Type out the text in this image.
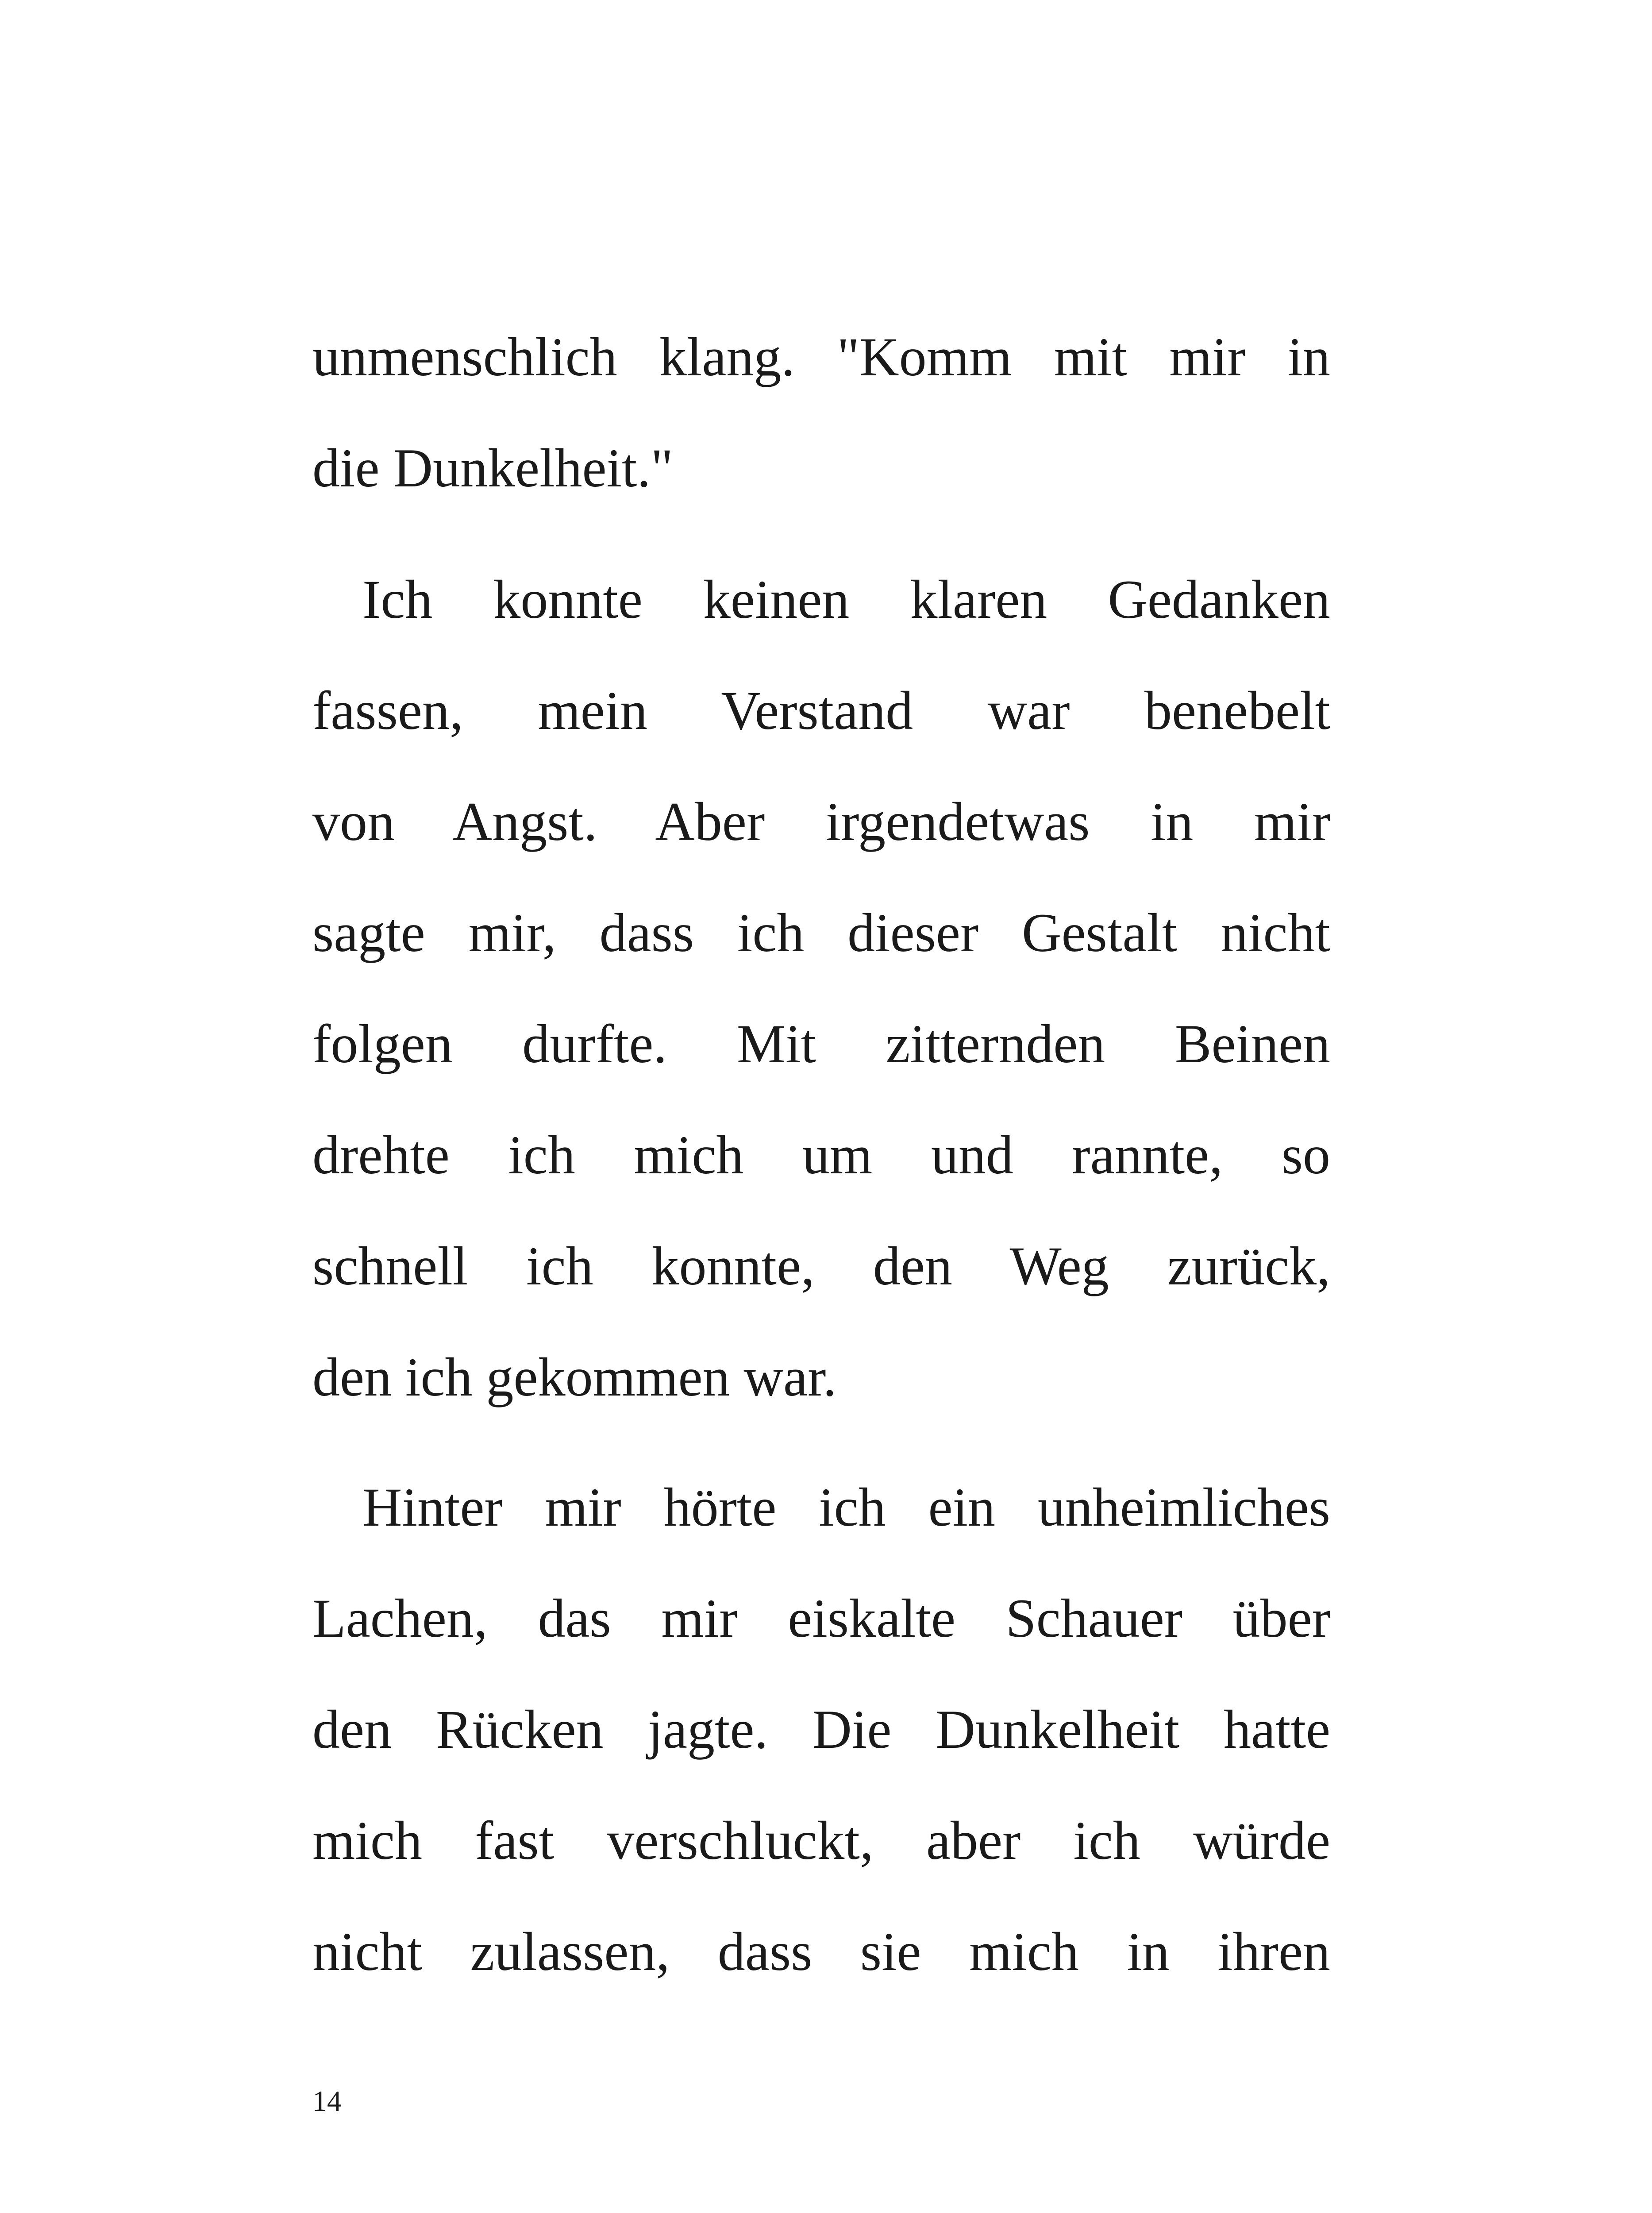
unmenschlich klang. "Komm mit mir in
die Dunkelheit."
Ich konnte keinen klaren Gedanken
fassen, mein Verstand war benebelt
von Angst. Aber irgendetwas in mir
sagte mir, dass ich dieser Gestalt nicht
folgen durfte. Mit zitternden Beinen
drehte ich mich um und rannte, so
schnell ich konnte, den Weg zurück,
den ich gekommen war.
Hinter mir hörte ich ein unheimliches
Lachen, das mir eiskalte Schauer über
den Rücken jagte. Die Dunkelheit hatte
mich fast verschluckt, aber ich würde
nicht zulassen, dass sie mich in ihren
14
